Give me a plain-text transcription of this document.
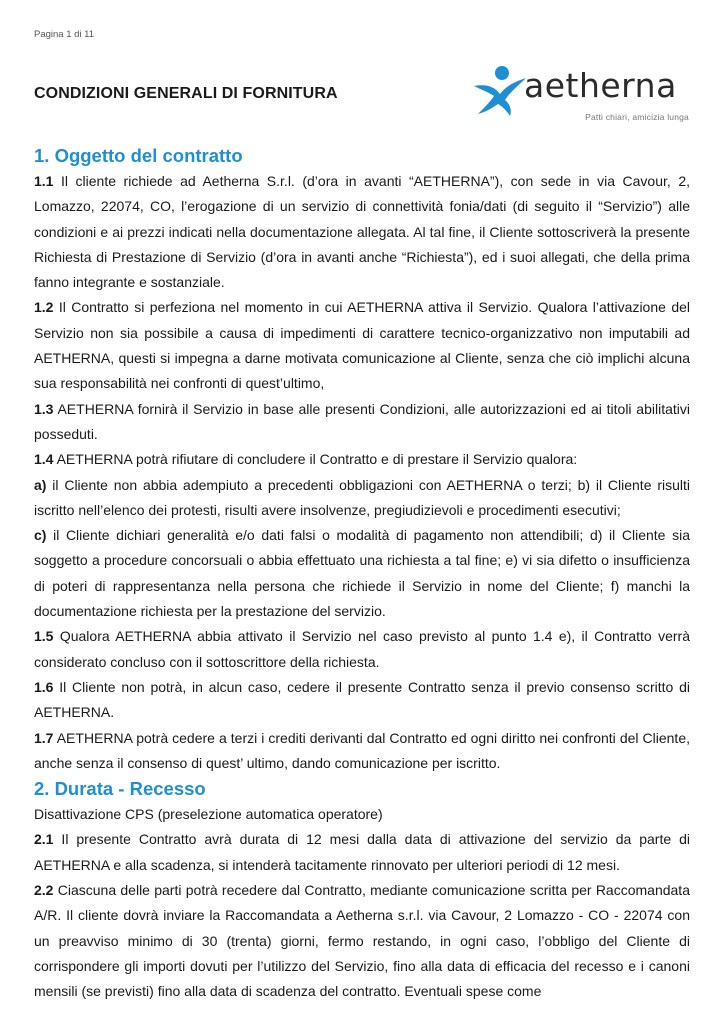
Pagina 1 di 11
CONDIZIONI GENERALI DI FORNITURA	aetherna
Patti chiari, amicizia lunga
1. Oggetto del contratto

1.1 Il cliente richiede ad Aetherna S.r.l. (d’ora in avanti “AETHERNA”), con sede in via Cavour, 2, Lomazzo, 22074, CO, l’erogazione di un servizio di connettività fonia/dati (di seguito il “Servizio”) alle condizioni e ai prezzi indicati nella documentazione allegata. Al tal fine, il Cliente sottoscriverà la presente Richiesta di Prestazione di Servizio (d’ora in avanti anche “Richiesta”), ed i suoi allegati, che della prima fanno integrante e sostanziale.

1.2 Il Contratto si perfeziona nel momento in cui AETHERNA attiva il Servizio. Qualora l’attivazione del Servizio non sia possibile a causa di impedimenti di carattere tecnico-organizzativo non imputabili ad AETHERNA, questi si impegna a darne motivata comunicazione al Cliente, senza che ciò implichi alcuna sua responsabilità nei confronti di quest’ultimo,

1.3 AETHERNA fornirà il Servizio in base alle presenti Condizioni, alle autorizzazioni ed ai titoli abilitativi posseduti.

1.4 AETHERNA potrà rifiutare di concludere il Contratto e di prestare il Servizio qualora:

a) il Cliente non abbia adempiuto a precedenti obbligazioni con AETHERNA o terzi; b) il Cliente risulti iscritto nell’elenco dei protesti, risulti avere insolvenze, pregiudizievoli e procedimenti esecutivi;

c) il Cliente dichiari generalità e/o dati falsi o modalità di pagamento non attendibili; d) il Cliente sia soggetto a procedure concorsuali o abbia effettuato una richiesta a tal fine; e) vi sia difetto o insufficienza di poteri di rappresentanza nella persona che richiede il Servizio in nome del Cliente; f) manchi la documentazione richiesta per la prestazione del servizio.

1.5 Qualora AETHERNA abbia attivato il Servizio nel caso previsto al punto 1.4 e), il Contratto verrà considerato concluso con il sottoscrittore della richiesta.

1.6 Il Cliente non potrà, in alcun caso, cedere il presente Contratto senza il previo consenso scritto di AETHERNA.

1.7 AETHERNA potrà cedere a terzi i crediti derivanti dal Contratto ed ogni diritto nei confronti del Cliente, anche senza il consenso di quest’ ultimo, dando comunicazione per iscritto.

2. Durata - Recesso

Disattivazione CPS (preselezione automatica operatore)

2.1 Il presente Contratto avrà durata di 12 mesi dalla data di attivazione del servizio da parte di AETHERNA e alla scadenza, si intenderà tacitamente rinnovato per ulteriori periodi di 12 mesi.

2.2 Ciascuna delle parti potrà recedere dal Contratto, mediante comunicazione scritta per Raccomandata A/R. Il cliente dovrà inviare la Raccomandata a Aetherna s.r.l. via Cavour, 2 Lomazzo - CO - 22074 con un preavviso minimo di 30 (trenta) giorni, fermo restando, in ogni caso, l’obbligo del Cliente di corrispondere gli importi dovuti per l’utilizzo del Servizio, fino alla data di efficacia del recesso e i canoni mensili (se previsti) fino alla data di scadenza del contratto. Eventuali spese come
